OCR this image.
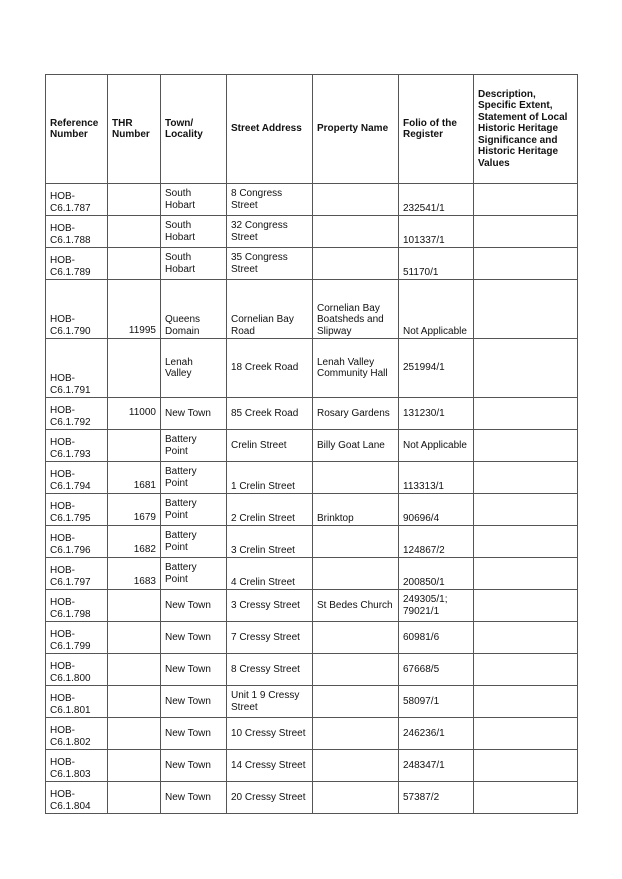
Reference Number	THR Number	Town/ Locality	Street Address	Property Name	Folio of the Register	Description, Specific Extent, Statement of Local Historic Heritage Significance and Historic Heritage Values
HOB-C6.1.787		South Hobart	8 Congress Street		232541/1	
HOB-C6.1.788		South Hobart	32 Congress Street		101337/1	
HOB-C6.1.789		South Hobart	35 Congress Street		51170/1	
HOB-C6.1.790	11995	Queens Domain	Cornelian Bay Road	Cornelian Bay Boatsheds and Slipway	Not Applicable	
HOB-C6.1.791		Lenah Valley	18 Creek Road	Lenah Valley Community Hall	251994/1	
HOB-C6.1.792	11000	New Town	85 Creek Road	Rosary Gardens	131230/1	
HOB-C6.1.793		Battery Point	Crelin Street	Billy Goat Lane	Not Applicable	
HOB-C6.1.794	1681	Battery Point	1 Crelin Street		113313/1	
HOB-C6.1.795	1679	Battery Point	2 Crelin Street	Brinktop	90696/4	
HOB-C6.1.796	1682	Battery Point	3 Crelin Street		124867/2	
HOB-C6.1.797	1683	Battery Point	4 Crelin Street		200850/1	
HOB-C6.1.798		New Town	3 Cressy Street	St Bedes Church	249305/1; 79021/1	
HOB-C6.1.799		New Town	7 Cressy Street		60981/6	
HOB-C6.1.800		New Town	8 Cressy Street		67668/5	
HOB-C6.1.801		New Town	Unit 1 9 Cressy Street		58097/1	
HOB-C6.1.802		New Town	10 Cressy Street		246236/1	
HOB-C6.1.803		New Town	14 Cressy Street		248347/1	
HOB-C6.1.804		New Town	20 Cressy Street		57387/2	
